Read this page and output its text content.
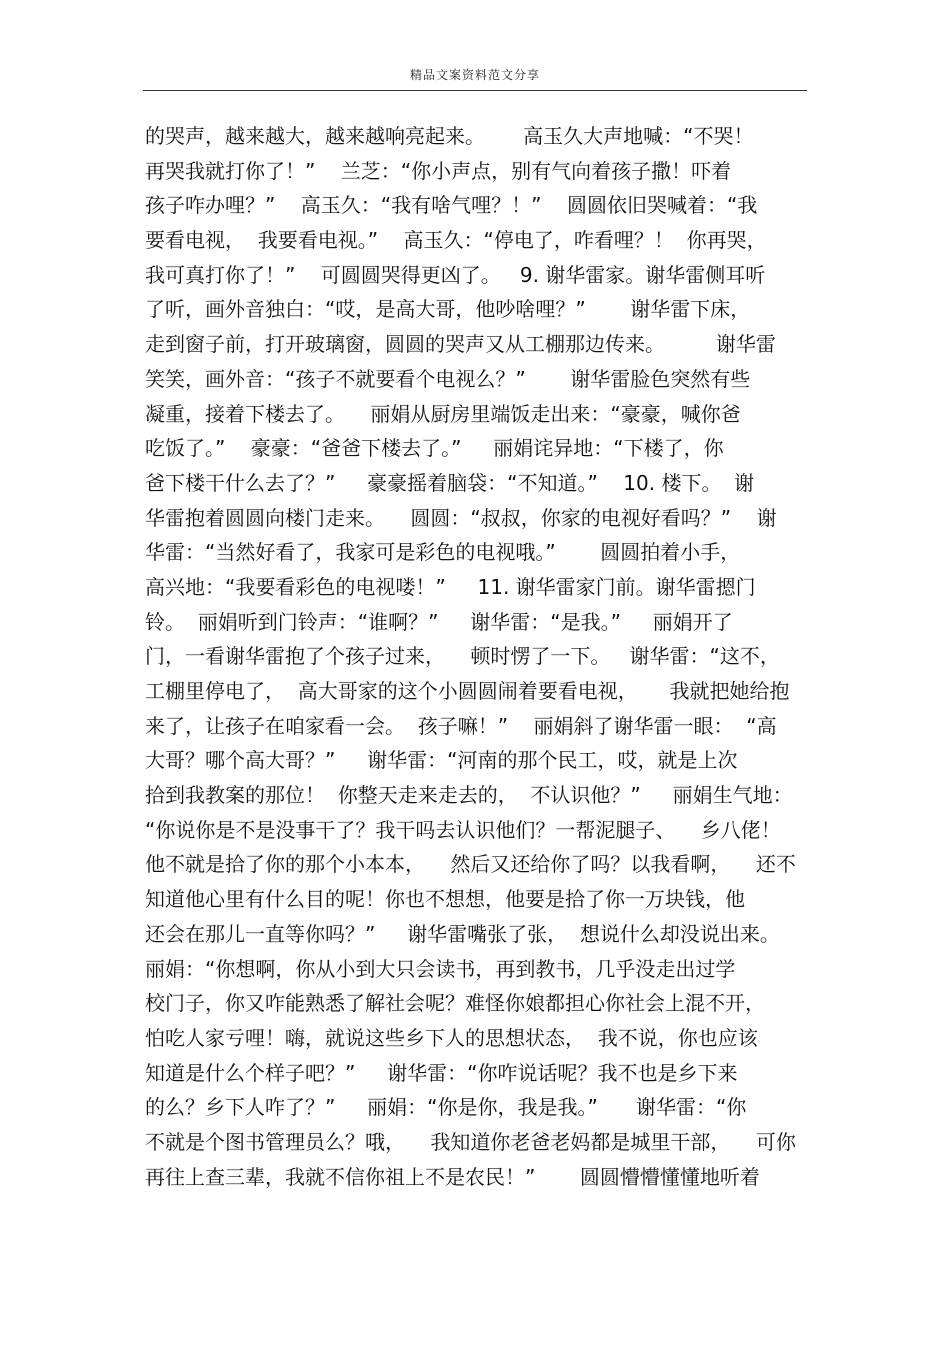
精品文案资料范文分享
的哭声，越来越大，越来越响亮起来。      高玉久大声地喊：“不哭！
再哭我就打你了！”    兰芝：“你小声点，别有气向着孩子撒！吓着
孩子咋办哩？”    高玉久：“我有啥气哩？！”    圆圆依旧哭喊着：“我
要看电视，  我要看电视。”    高玉久：“停电了，咋看哩？！  你再哭，
我可真打你了！”    可圆圆哭得更凶了。   9. 谢华雷家。谢华雷侧耳听
了听，画外音独白：“哎，是高大哥，他吵啥哩？”       谢华雷下床，
走到窗子前，打开玻璃窗，圆圆的哭声又从工棚那边传来。        谢华雷
笑笑，画外音：“孩子不就要看个电视么？”       谢华雷脸色突然有些
凝重，接着下楼去了。    丽娟从厨房里端饭走出来：“豪豪，喊你爸
吃饭了。”    豪豪：“爸爸下楼去了。”     丽娟诧异地：“下楼了，你
爸下楼干什么去了？”     豪豪摇着脑袋：“不知道。”    10. 楼下。  谢
华雷抱着圆圆向楼门走来。    圆圆：“叔叔，你家的电视好看吗？”    谢
华雷：“当然好看了，我家可是彩色的电视哦。”       圆圆拍着小手，
高兴地：“我要看彩色的电视喽！”     11. 谢华雷家门前。谢华雷摁门
铃。  丽娟听到门铃声：“谁啊？”     谢华雷：“是我。”     丽娟开了
门，一看谢华雷抱了个孩子过来，    顿时愣了一下。   谢华雷：“这不，
工棚里停电了，  高大哥家的这个小圆圆闹着要看电视，     我就把她给抱
来了，让孩子在咱家看一会。  孩子嘛！”    丽娟斜了谢华雷一眼：  “高
大哥？哪个高大哥？”     谢华雷：“河南的那个民工，哎，就是上次
拾到我教案的那位！  你整天走来走去的，  不认识他？”     丽娟生气地：
“你说你是不是没事干了？我干吗去认识他们？一帮泥腿子、    乡八佬！
他不就是拾了你的那个小本本，    然后又还给你了吗？以我看啊，    还不
知道他心里有什么目的呢！你也不想想，他要是拾了你一万块钱，他
还会在那儿一直等你吗？”     谢华雷嘴张了张，  想说什么却没说出来。
丽娟：“你想啊，你从小到大只会读书，再到教书，几乎没走出过学
校门子，你又咋能熟悉了解社会呢？难怪你娘都担心你社会上混不开，
怕吃人家亏哩！嗨，就说这些乡下人的思想状态，  我不说，你也应该
知道是什么个样子吧？”     谢华雷：“你咋说话呢？我不也是乡下来
的么？乡下人咋了？”     丽娟：“你是你，我是我。”      谢华雷：“你
不就是个图书管理员么？哦，    我知道你老爸老妈都是城里干部，    可你
再往上查三辈，我就不信你祖上不是农民！”       圆圆懵懵懂懂地听着
